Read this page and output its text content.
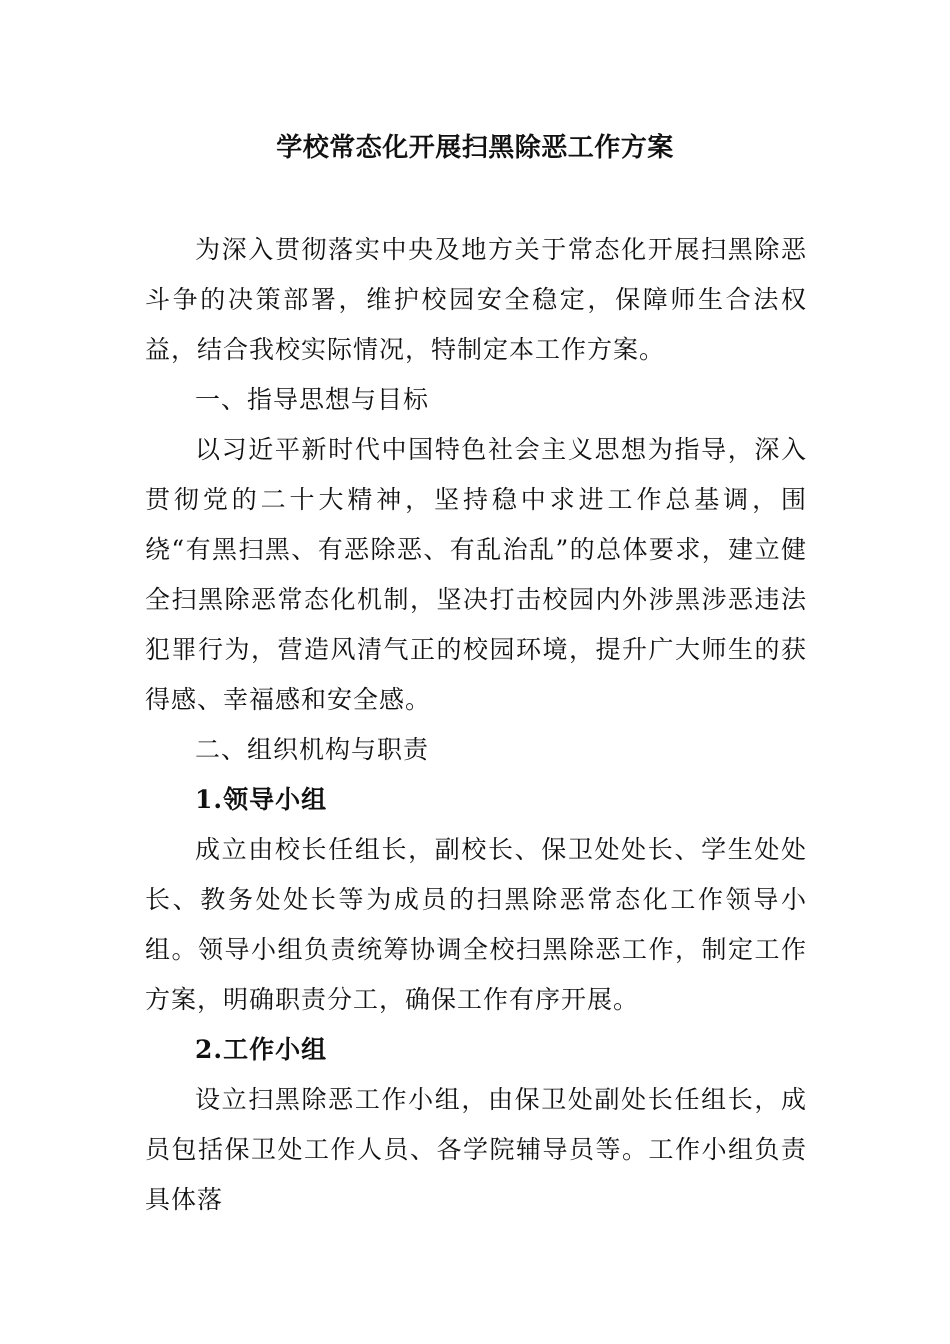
学校常态化开展扫黑除恶工作方案

为深入贯彻落实中央及地方关于常态化开展扫黑除恶斗争的决策部署，维护校园安全稳定，保障师生合法权益，结合我校实际情况，特制定本工作方案。

一、指导思想与目标

以习近平新时代中国特色社会主义思想为指导，深入贯彻党的二十大精神，坚持稳中求进工作总基调，围绕“有黑扫黑、有恶除恶、有乱治乱”的总体要求，建立健全扫黑除恶常态化机制，坚决打击校园内外涉黑涉恶违法犯罪行为，营造风清气正的校园环境，提升广大师生的获得感、幸福感和安全感。

二、组织机构与职责

1.领导小组

成立由校长任组长，副校长、保卫处处长、学生处处长、教务处处长等为成员的扫黑除恶常态化工作领导小组。领导小组负责统筹协调全校扫黑除恶工作，制定工作方案，明确职责分工，确保工作有序开展。

2.工作小组

设立扫黑除恶工作小组，由保卫处副处长任组长，成员包括保卫处工作人员、各学院辅导员等。工作小组负责具体落
